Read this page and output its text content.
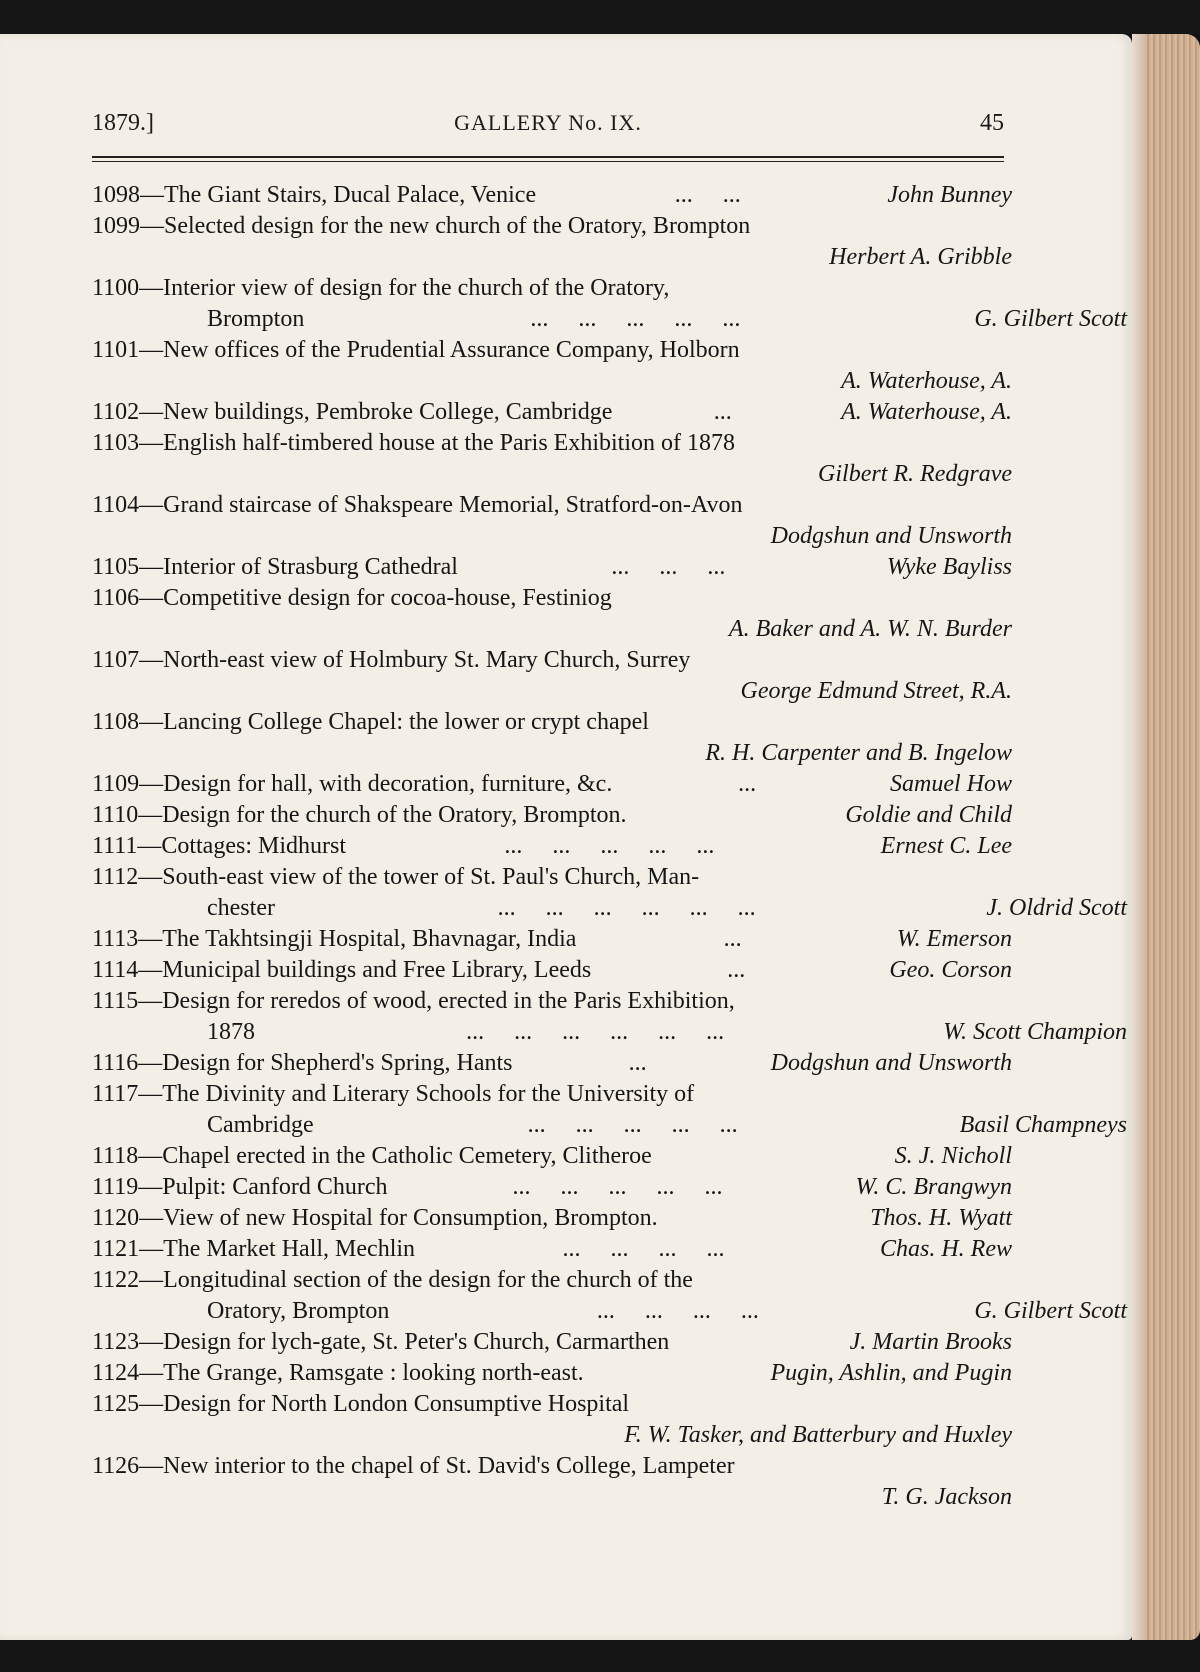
1879.]	GALLERY No. IX.	45
1098— The Giant Stairs, Ducal Palace, Venice	...     ...	John Bunney
1099— Selected design for the new church of the Oratory, Brompton
Herbert A. Gribble
1100— Interior view of design for the church of the Oratory,
Brompton	...     ...     ...     ...     ...	G. Gilbert Scott
1101— New offices of the Prudential Assurance Company, Holborn
A. Waterhouse, A.
1102— New buildings, Pembroke College, Cambridge	...	A. Waterhouse, A.
1103— English half-timbered house at the Paris Exhibition of 1878
Gilbert R. Redgrave
1104— Grand staircase of Shakspeare Memorial, Stratford-on-Avon
Dodgshun and Unsworth
1105— Interior of Strasburg Cathedral	...     ...     ...	Wyke Bayliss
1106— Competitive design for cocoa-house, Festiniog
A. Baker and A. W. N. Burder
1107— North-east view of Holmbury St. Mary Church, Surrey
George Edmund Street, R.A.
1108— Lancing College Chapel: the lower or crypt chapel
R. H. Carpenter and B. Ingelow
1109— Design for hall, with decoration, furniture, &c.	...	Samuel How
1110— Design for the church of the Oratory, Brompton.	Goldie and Child
1111— Cottages: Midhurst	...     ...     ...     ...     ...	Ernest C. Lee
1112— South-east view of the tower of St. Paul's Church, Man-
chester	...     ...     ...     ...     ...     ...	J. Oldrid Scott
1113— The Takhtsingji Hospital, Bhavnagar, India	...	W. Emerson
1114— Municipal buildings and Free Library, Leeds	...	Geo. Corson
1115— Design for reredos of wood, erected in the Paris Exhibition,
1878	...     ...     ...     ...     ...     ...	W. Scott Champion
1116— Design for Shepherd's Spring, Hants	...	Dodgshun and Unsworth
1117— The Divinity and Literary Schools for the University of
Cambridge	...     ...     ...     ...     ...	Basil Champneys
1118— Chapel erected in the Catholic Cemetery, Clitheroe	S. J. Nicholl
1119— Pulpit: Canford Church	...     ...     ...     ...     ...	W. C. Brangwyn
1120— View of new Hospital for Consumption, Brompton.	Thos. H. Wyatt
1121— The Market Hall, Mechlin	...     ...     ...     ...	Chas. H. Rew
1122— Longitudinal section of the design for the church of the
Oratory, Brompton	...     ...     ...     ...	G. Gilbert Scott
1123— Design for lych-gate, St. Peter's Church, Carmarthen	J. Martin Brooks
1124— The Grange, Ramsgate : looking north-east.	Pugin, Ashlin, and Pugin
1125— Design for North London Consumptive Hospital
F. W. Tasker, and Batterbury and Huxley
1126— New interior to the chapel of St. David's College, Lampeter
T. G. Jackson
